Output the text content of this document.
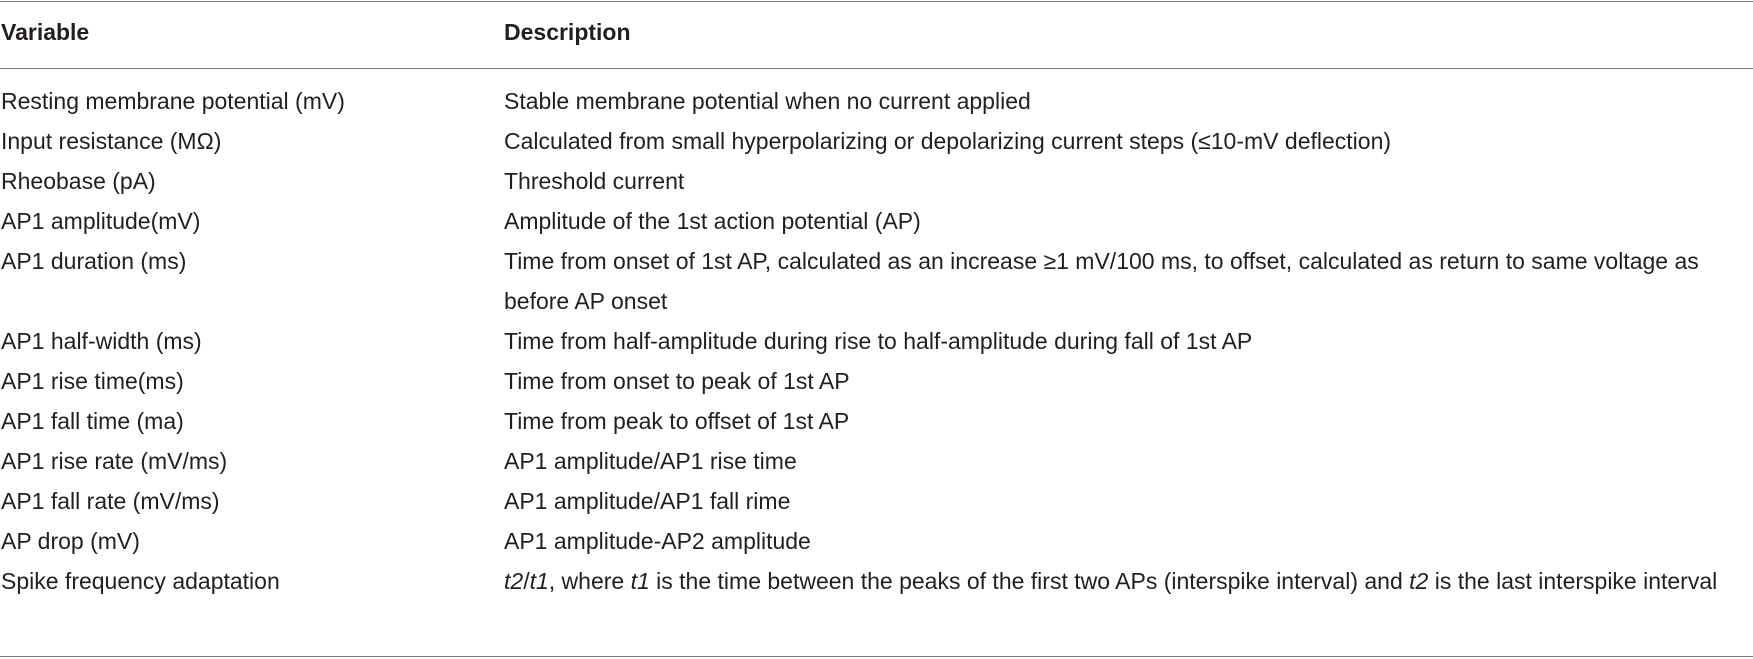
Variable	Description
Resting membrane potential (mV)	Stable membrane potential when no current applied
Input resistance (MΩ)	Calculated from small hyperpolarizing or depolarizing current steps (≤10-mV deflection)
Rheobase (pA)	Threshold current
AP1 amplitude(mV)	Amplitude of the 1st action potential (AP)
AP1 duration (ms)	Time from onset of 1st AP, calculated as an increase ≥1 mV/100 ms, to offset, calculated as return to same voltage as before AP onset
AP1 half-width (ms)	Time from half-amplitude during rise to half-amplitude during fall of 1st AP
AP1 rise time(ms)	Time from onset to peak of 1st AP
AP1 fall time (ma)	Time from peak to offset of 1st AP
AP1 rise rate (mV/ms)	AP1 amplitude/AP1 rise time
AP1 fall rate (mV/ms)	AP1 amplitude/AP1 fall rime
AP drop (mV)	AP1 amplitude-AP2 amplitude
Spike frequency adaptation	t2/t1, where t1 is the time between the peaks of the first two APs (interspike interval) and t2 is the last interspike interval
